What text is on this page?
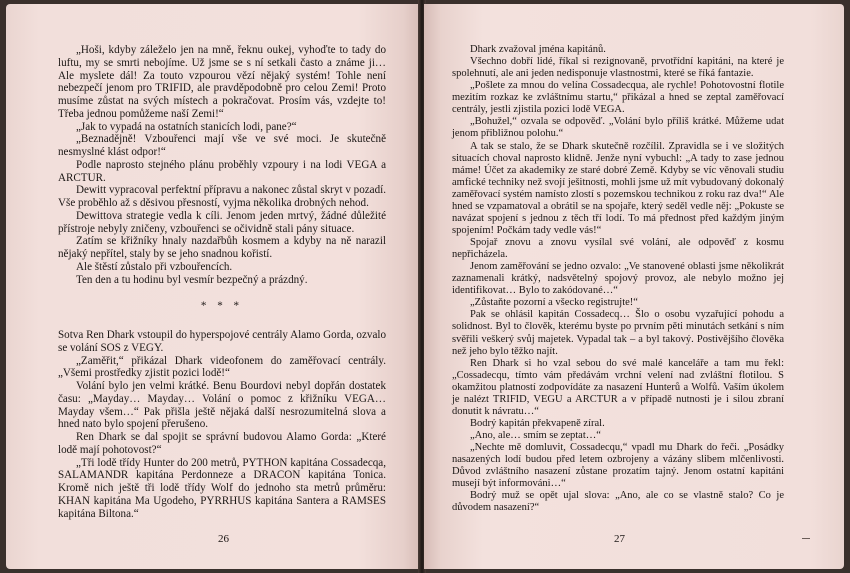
„Hoši, kdyby záleželo jen na mně, řeknu oukej, vyhoďte to tady do luftu, my se smrti nebojíme. Už jsme se s ní setkali často a známe ji… Ale myslete dál! Za touto vzpourou vězí nějaký systém! Tohle není nebezpečí jenom pro TRIFID, ale pravděpodobně pro celou Zemi! Proto musíme zůstat na svých místech a pokračovat. Prosím vás, vzdejte to! Třeba jednou pomůžeme naší Zemi!“

„Jak to vypadá na ostatních stanicích lodi, pane?“

„Beznadějně! Vzbouřenci mají vše ve své moci. Je skutečně nesmyslné klást odpor!“

Podle naprosto stejného plánu proběhly vzpoury i na lodi VEGA a ARCTUR.

Dewitt vypracoval perfektní přípravu a nakonec zůstal skryt v pozadí. Vše proběhlo až s děsivou přesností, vyjma několika drobných nehod.

Dewittova strategie vedla k cíli. Jenom jeden mrtvý, žádné důležité přístroje nebyly zničeny, vzbouřenci se očividně stali pány situace.

Zatím se křižníky hnaly nazdařbůh kosmem a kdyby na ně narazil nějaký nepřítel, staly by se jeho snadnou kořistí.

Ale štěstí zůstalo při vzbouřencích.

Ten den a tu hodinu byl vesmír bezpečný a prázdný.

* * *

Sotva Ren Dhark vstoupil do hyperspojové centrály Alamo Gorda, ozvalo se volání SOS z VEGY.

„Zaměřit,“ přikázal Dhark videofonem do zaměřovací centrály. „Všemi prostředky zjistit pozici lodě!“

Volání bylo jen velmi krátké. Benu Bourdovi nebyl dopřán dostatek času: „Mayday… Mayday… Volání o pomoc z křižníku VEGA… Mayday všem…“ Pak přišla ještě nějaká další nesrozumitelná slova a hned nato bylo spojení přerušeno.

Ren Dhark se dal spojit se správní budovou Alamo Gorda: „Které lodě mají pohotovost?“

„Tři lodě třídy Hunter do 200 metrů, PYTHON kapitána Cossadecqa, SALAMANDR kapitána Perdonneze a DRACON kapitána Tonica. Kromě nich ještě tři lodě třídy Wolf do jednoho sta metrů průměru: KHAN kapitána Ma Ugodeho, PYRRHUS kapitána Santera a RAMSES kapitána Biltona.“

26

Dhark zvažoval jména kapitánů.

Všechno dobří lidé, říkal si rezignovaně, prvotřídní kapitáni, na které je spolehnutí, ale ani jeden nedisponuje vlastnostmi, které se říká fantazie.

„Pošlete za mnou do velína Cossadecqua, ale rychle! Pohotovostní flotile mezitím rozkaz ke zvláštnímu startu,“ přikázal a hned se zeptal zaměřovací centrály, jestli zjistila pozici lodě VEGA.

„Bohužel,“ ozvala se odpověď. „Volání bylo příliš krátké. Můžeme udat jenom přibližnou polohu.“

A tak se stalo, že se Dhark skutečně rozčílil. Zpravidla se i ve složitých situacích choval naprosto klidně. Jenže nyní vybuchl: „A tady to zase jednou máme! Účet za akademiky ze staré dobré Země. Kdyby se víc věnovali studiu amfické techniky než svojí ješitnosti, mohli jsme už mít vybudovaný dokonalý zaměřovací systém namísto zlostí s pozemskou technikou z roku raz dva!“ Ale hned se vzpamatoval a obrátil se na spojaře, který seděl vedle něj: „Pokuste se navázat spojení s jednou z těch tří lodí. To má přednost před každým jiným spojením! Počkám tady vedle vás!“

Spojař znovu a znovu vysílal své volání, ale odpověď z kosmu nepřicházela.

Jenom zaměřování se jedno ozvalo: „Ve stanovené oblasti jsme několikrát zaznamenali krátký, nadsvětelný spojový provoz, ale nebylo možno jej identifikovat… Bylo to zakódované…“

„Zůstaňte pozorní a všecko registrujte!“

Pak se ohlásil kapitán Cossadecq… Šlo o osobu vyzařující pohodu a solidnost. Byl to člověk, kterému byste po prvním pěti minutách setkání s ním svěřili veškerý svůj majetek. Vypadal tak – a byl takový. Postivějšího člověka než jeho bylo těžko najít.

Ren Dhark si ho vzal sebou do své malé kanceláře a tam mu řekl: „Cossadecqu, tímto vám předávám vrchní velení nad zvláštní flotilou. S okamžitou platností zodpovídáte za nasazení Hunterů a Wolfů. Vaším úkolem je nalézt TRIFID, VEGU a ARCTUR a v případě nutnosti je i silou zbraní donutit k návratu…“

Bodrý kapitán překvapeně zíral.

„Ano, ale… smím se zeptat…“

„Nechte mě domluvit, Cossadecqu,“ vpadl mu Dhark do řeči. „Posádky nasazených lodí budou před letem ozbrojeny a vázány slibem mlčenlivosti. Důvod zvláštního nasazení zůstane prozatím tajný. Jenom ostatní kapitáni musejí být informováni…“

Bodrý muž se opět ujal slova: „Ano, ale co se vlastně stalo? Co je důvodem nasazení?“

27
